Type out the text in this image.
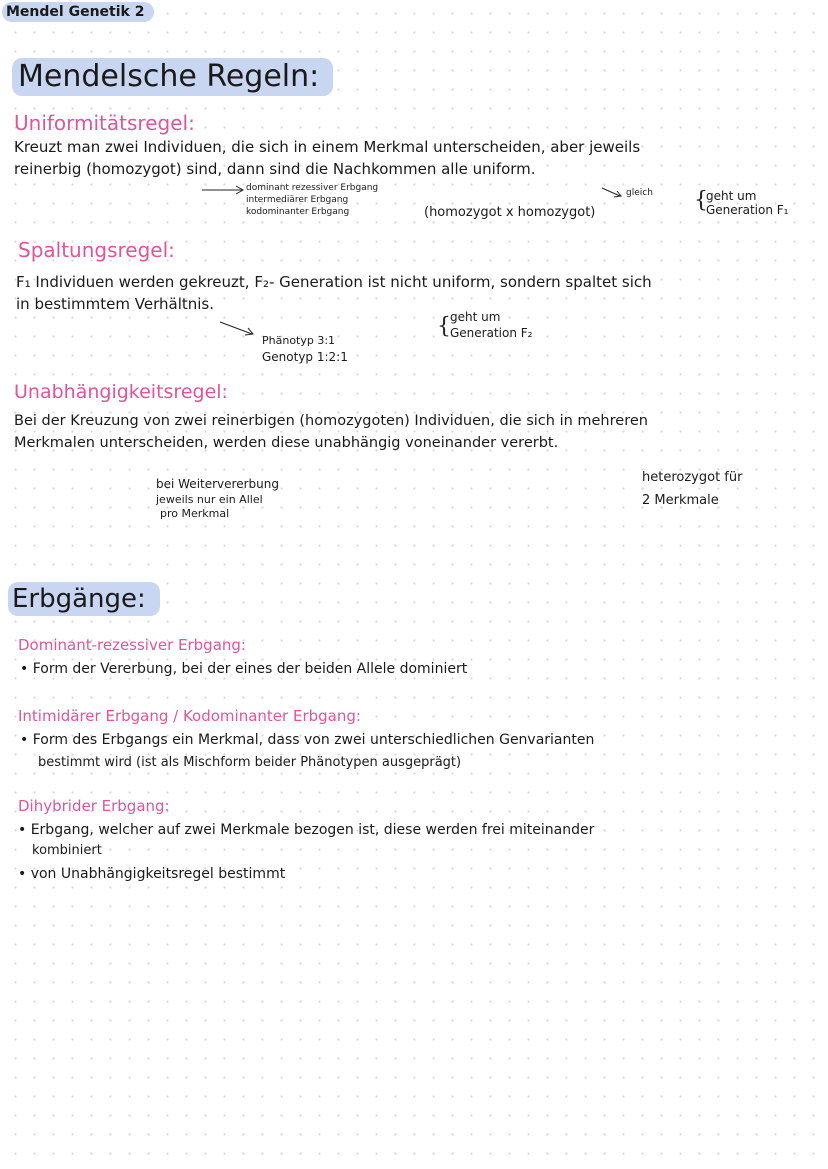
Mendel Genetik 2
Mendelsche Regeln:
Uniformitätsregel:
Kreuzt man zwei Individuen, die sich in einem Merkmal unterscheiden, aber jeweils
reinerbig (homozygot) sind, dann sind die Nachkommen alle uniform.
dominant rezessiver Erbgang
intermediärer Erbgang
kodominanter Erbgang	(homozygot x homozygot)
gleich {
geht um
Generation F₁
Spaltungsregel:
F₁ Individuen werden gekreuzt, F₂- Generation ist nicht uniform, sondern spaltet sich
in bestimmtem Verhältnis.
Phänotyp 3:1
Genotyp 1:2:1
{ geht um
Generation F₂
Unabhängigkeitsregel:
Bei der Kreuzung von zwei reinerbigen (homozygoten) Individuen, die sich in mehreren
Merkmalen unterscheiden, werden diese unabhängig voneinander vererbt.
bei Weitervererbung
jeweils nur ein Allel
pro Merkmal
heterozygot für
2 Merkmale
Erbgänge:
Dominant-rezessiver Erbgang:
• Form der Vererbung, bei der eines der beiden Allele dominiert
Intimidärer Erbgang / Kodominanter Erbgang:
• Form des Erbgangs ein Merkmal, dass von zwei unterschiedlichen Genvarianten
bestimmt wird (ist als Mischform beider Phänotypen ausgeprägt)
Dihybrider Erbgang:
• Erbgang, welcher auf zwei Merkmale bezogen ist, diese werden frei miteinander
kombiniert
• von Unabhängigkeitsregel bestimmt
